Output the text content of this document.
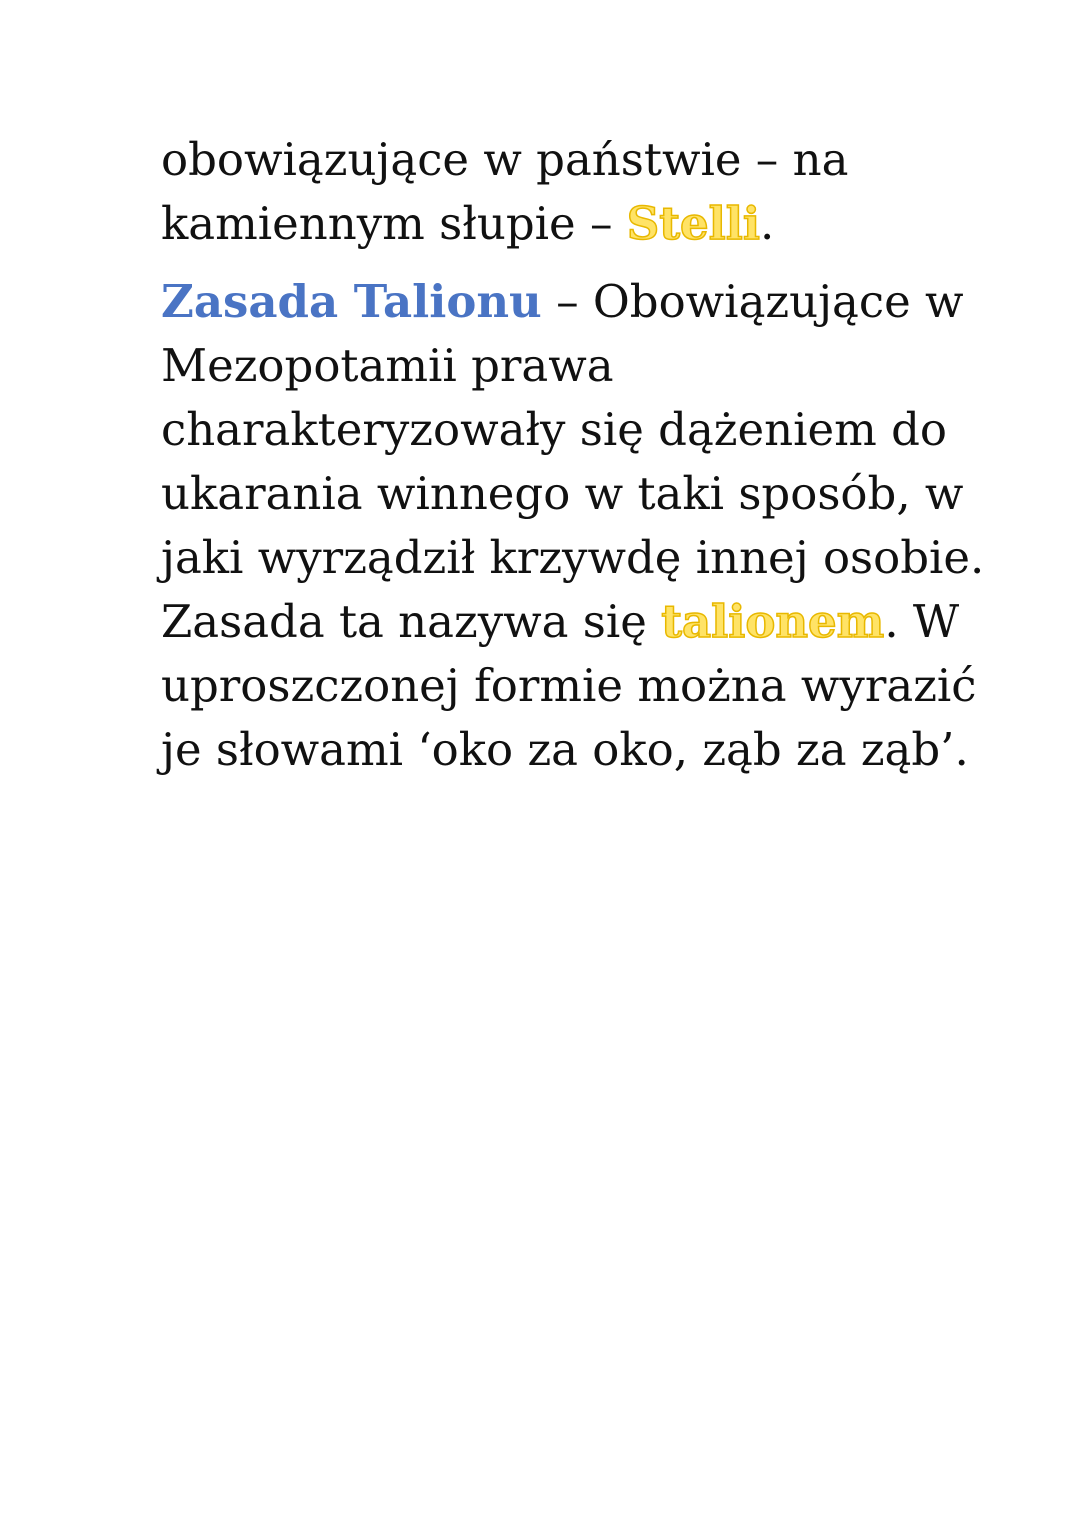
obowiązujące w państwie – na
kamiennym słupie – Stelli.

Zasada Talionu – Obowiązujące w
Mezopotamii prawa
charakteryzowały się dążeniem do
ukarania winnego w taki sposób, w
jaki wyrządził krzywdę innej osobie.
Zasada ta nazywa się talionem. W
uproszczonej formie można wyrazić
je słowami ‘oko za oko, ząb za ząb’.
